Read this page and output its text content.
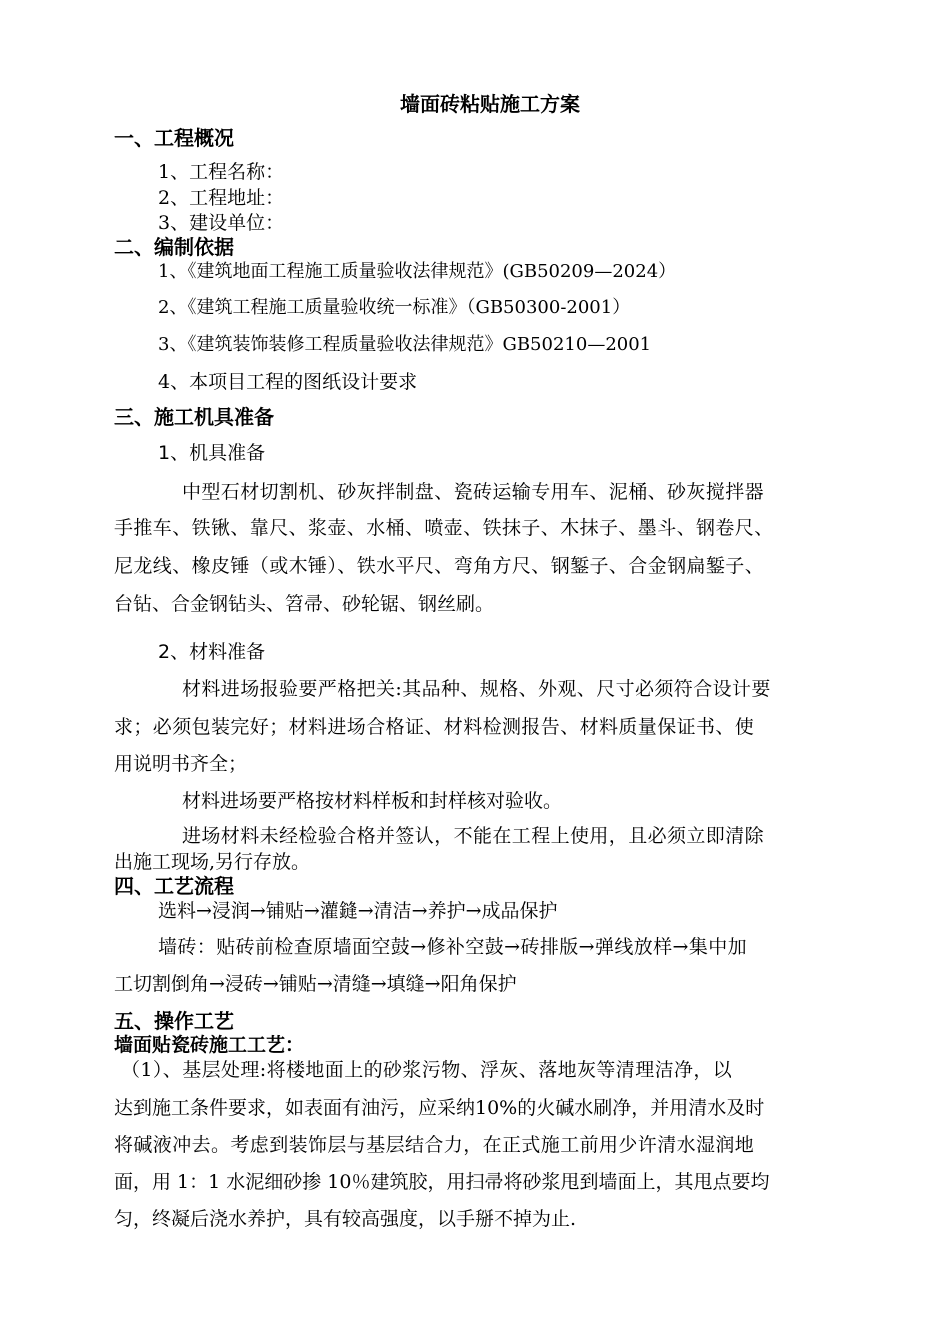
墙面砖粘贴施工方案
一、工程概况
1、工程名称：
2、工程地址：
3、建设单位：
二、编制依据
1、《建筑地面工程施工质量验收法律规范》(GB50209—2024）
2、《建筑工程施工质量验收统一标准》（GB50300-2001）
3、《建筑装饰装修工程质量验收法律规范》GB50210—2001
4、本项目工程的图纸设计要求
三、施工机具准备
1、机具准备
中型石材切割机、砂灰拌制盘、瓷砖运输专用车、泥桶、砂灰搅拌器
手推车、铁锹、靠尺、浆壶、水桶、喷壶、铁抹子、木抹子、墨斗、钢卷尺、
尼龙线、橡皮锤（或木锤）、铁水平尺、弯角方尺、钢錾子、合金钢扁錾子、
台钻、合金钢钻头、笤帚、砂轮锯、钢丝刷。
2、材料准备
材料进场报验要严格把关:其品种、规格、外观、尺寸必须符合设计要
求；必须包装完好；材料进场合格证、材料检测报告、材料质量保证书、使
用说明书齐全；
材料进场要严格按材料样板和封样核对验收。
进场材料未经检验合格并签认，不能在工程上使用，且必须立即清除
出施工现场,另行存放。
四、工艺流程
选料→浸润→铺贴→灌鏠→清洁→养护→成品保护
墙砖：贴砖前检查原墙面空鼓→修补空鼓→砖排版→弹线放样→集中加
工切割倒角→浸砖→铺贴→清缝→填缝→阳角保护
五、操作工艺
墙面贴瓷砖施工工艺：
（1）、基层处理:将楼地面上的砂浆污物、浮灰、落地灰等清理洁净，以
达到施工条件要求，如表面有油污，应采纳10%的火碱水刷净，并用清水及时
将碱液冲去。考虑到装饰层与基层结合力，在正式施工前用少许清水湿润地
面，用 1：1 水泥细砂掺 10％建筑胶，用扫帚将砂浆甩到墙面上，其甩点要均
匀，终凝后浇水养护，具有较高强度，以手掰不掉为止.
